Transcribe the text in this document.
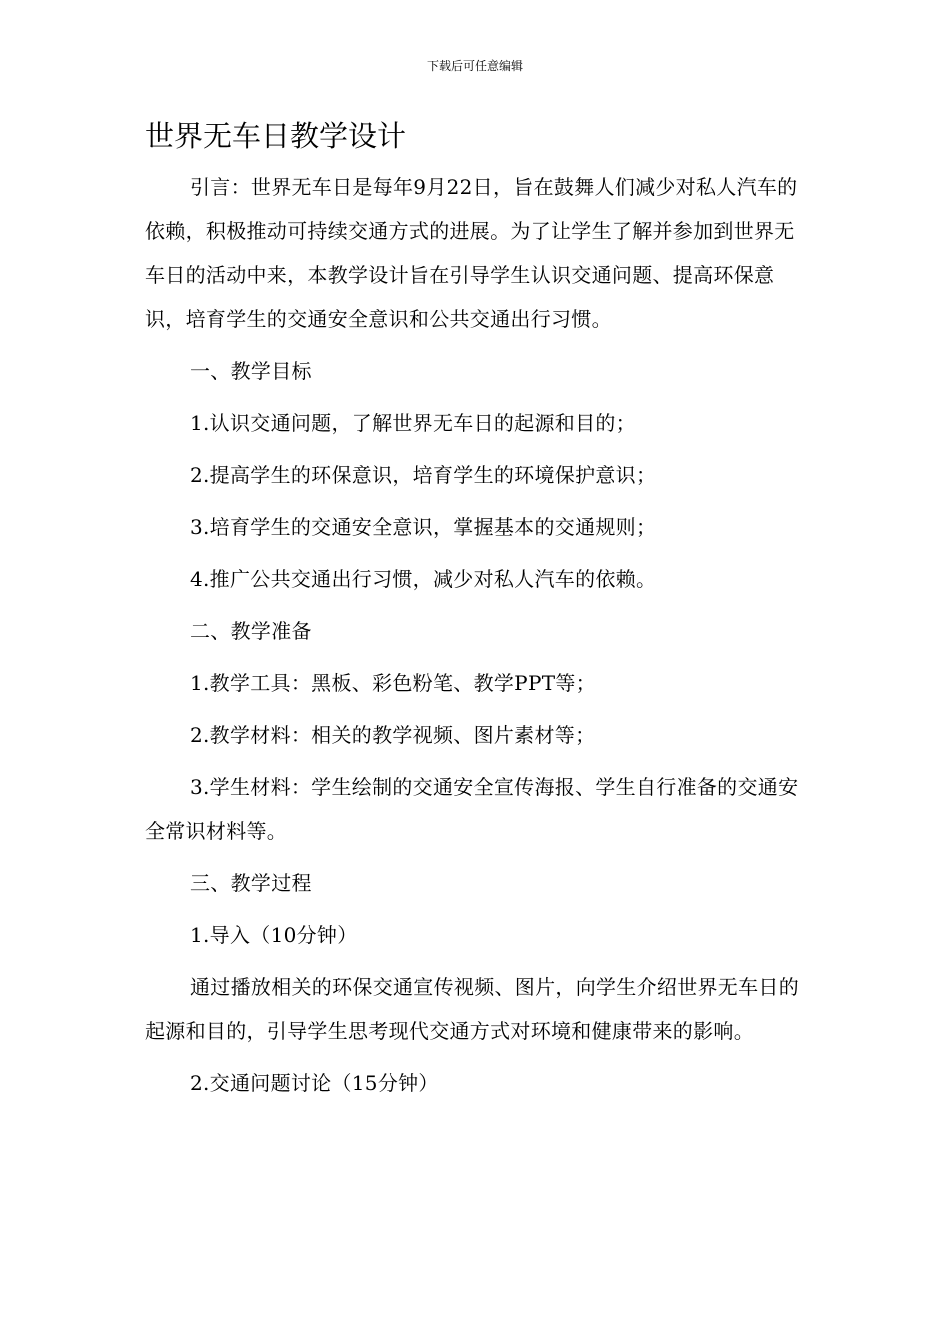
下载后可任意编辑
世界无车日教学设计

引言：世界无车日是每年9月22日，旨在鼓舞人们减少对私人汽车的依赖，积极推动可持续交通方式的进展。为了让学生了解并参加到世界无车日的活动中来，本教学设计旨在引导学生认识交通问题、提高环保意识，培育学生的交通安全意识和公共交通出行习惯。

一、教学目标

1.认识交通问题，了解世界无车日的起源和目的；

2.提高学生的环保意识，培育学生的环境保护意识；

3.培育学生的交通安全意识，掌握基本的交通规则；

4.推广公共交通出行习惯，减少对私人汽车的依赖。

二、教学准备

1.教学工具：黑板、彩色粉笔、教学PPT等；

2.教学材料：相关的教学视频、图片素材等；

3.学生材料：学生绘制的交通安全宣传海报、学生自行准备的交通安全常识材料等。

三、教学过程

1.导入（10分钟）

通过播放相关的环保交通宣传视频、图片，向学生介绍世界无车日的起源和目的，引导学生思考现代交通方式对环境和健康带来的影响。

2.交通问题讨论（15分钟）
